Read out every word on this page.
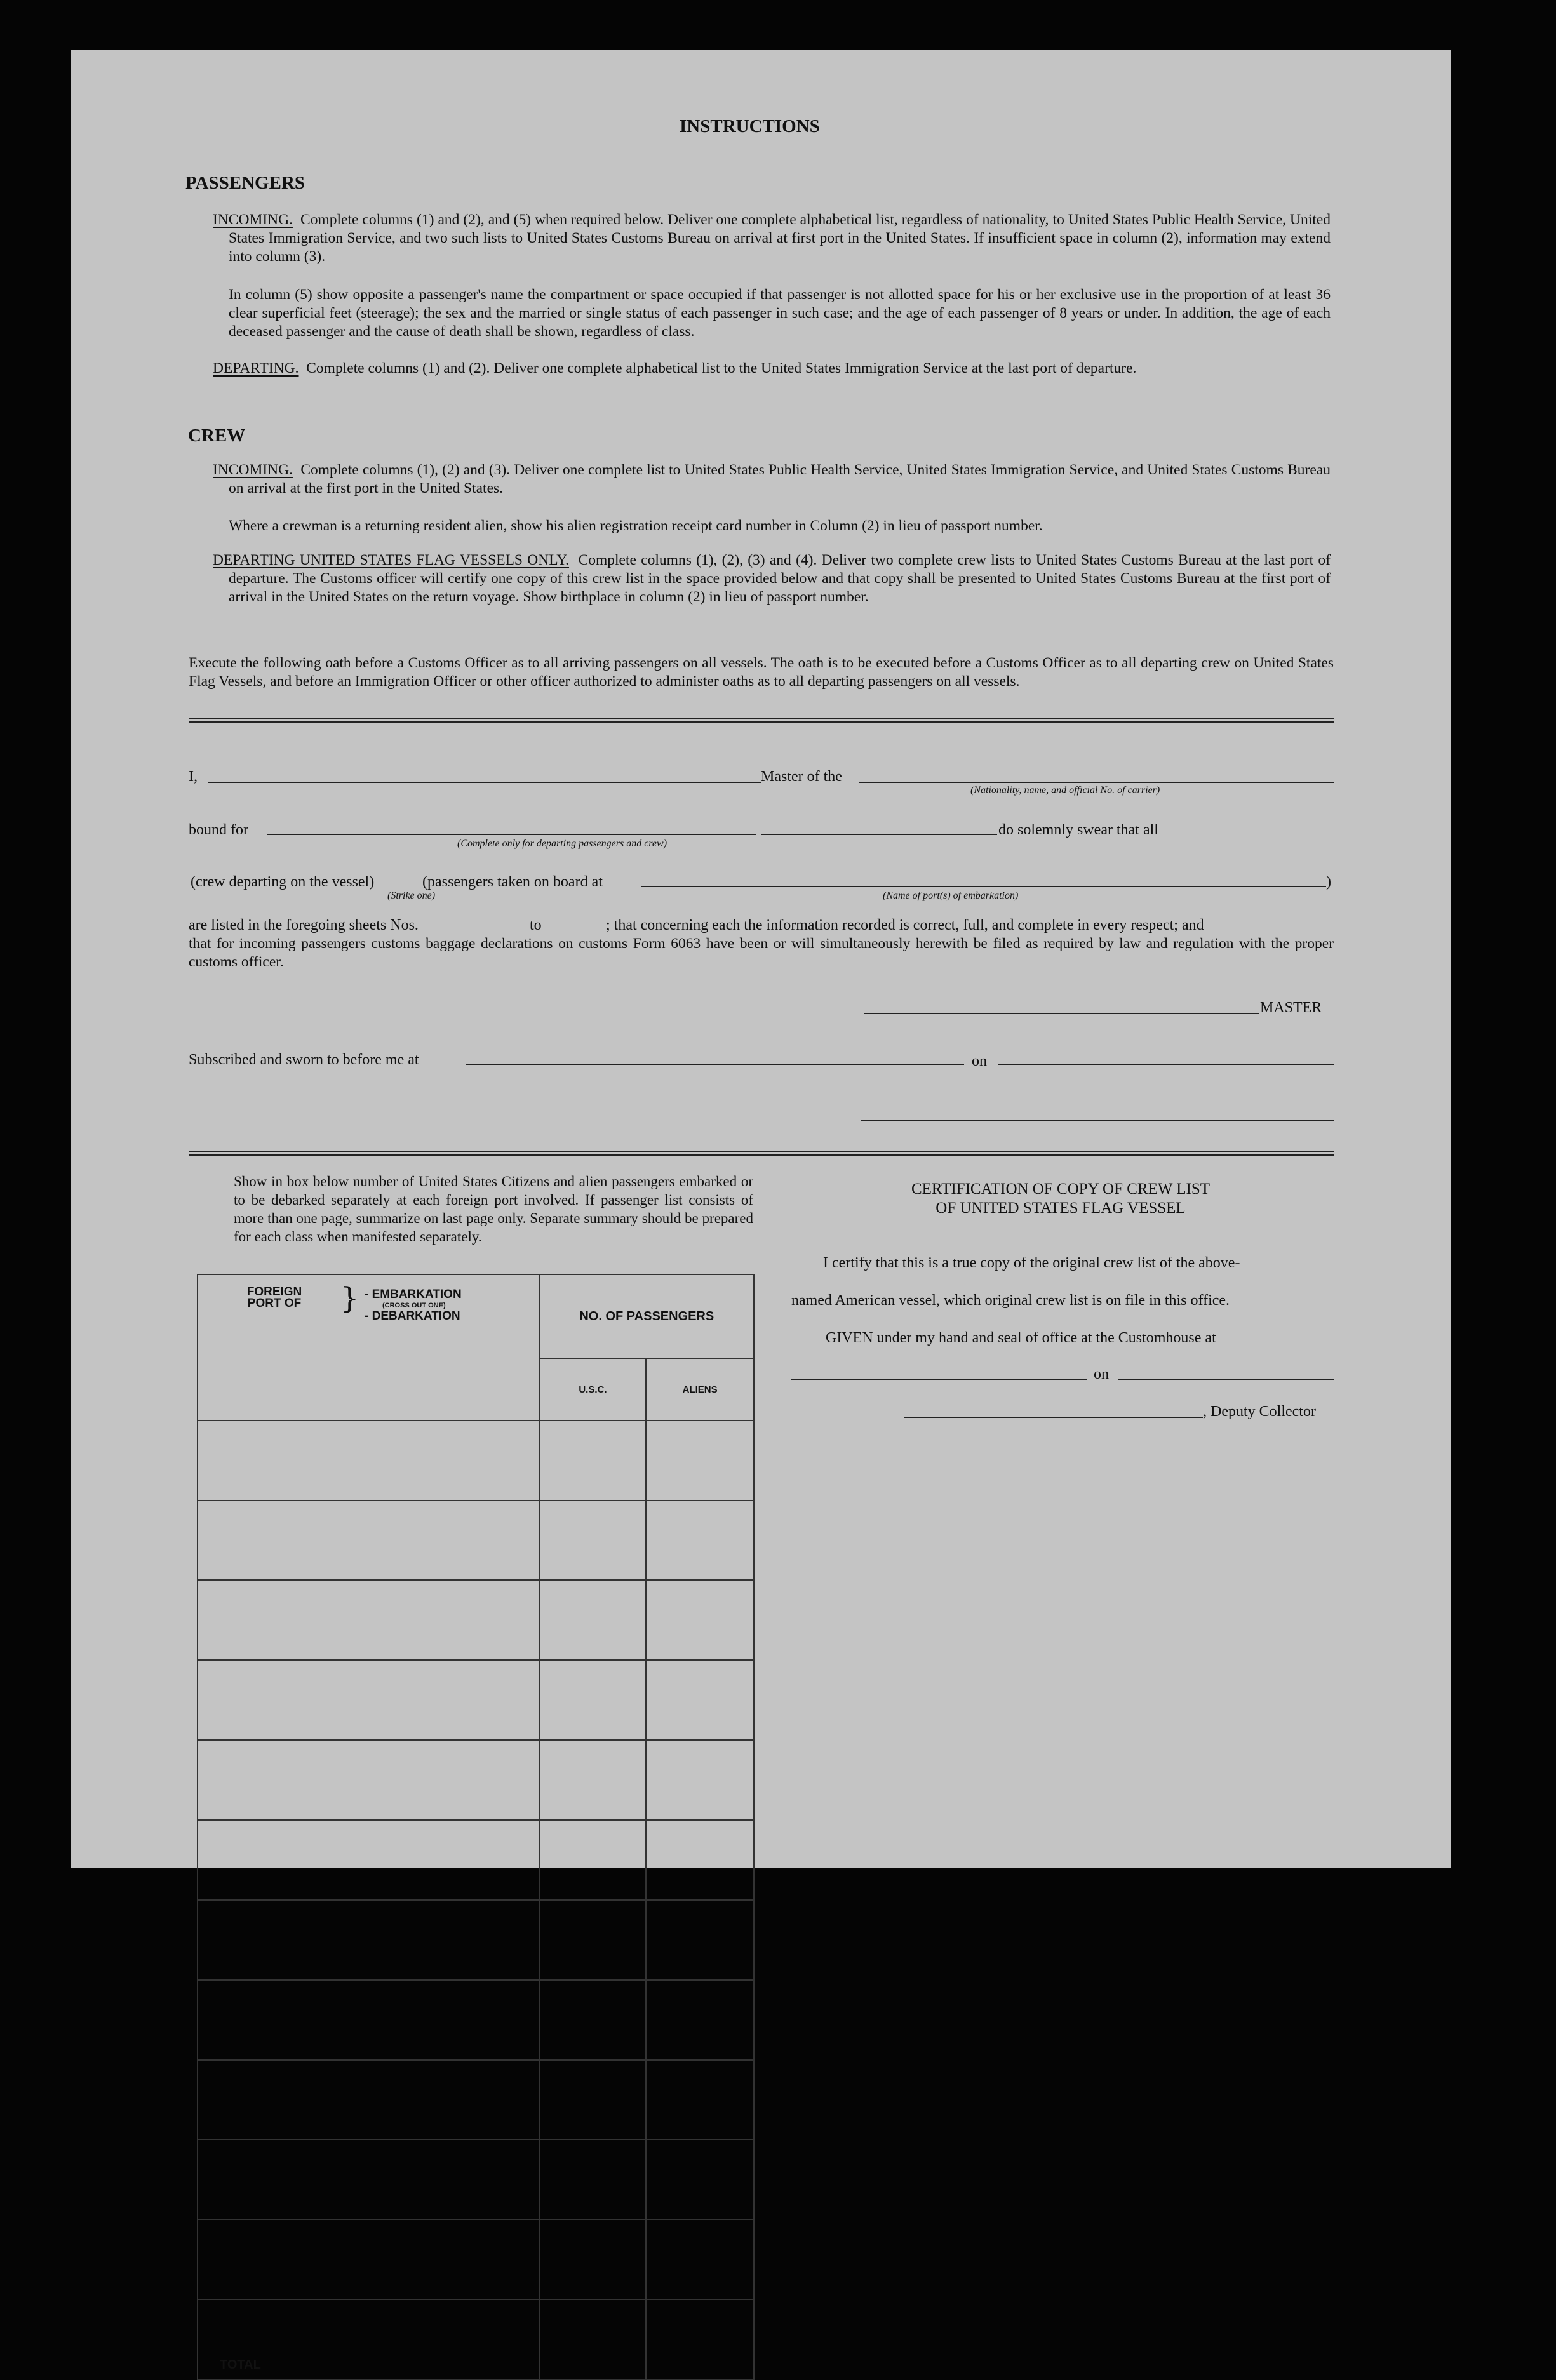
INSTRUCTIONS
PASSENGERS

INCOMING. Complete columns (1) and (2), and (5) when required below. Deliver one complete alphabetical list, regardless of nationality, to United States Public Health Service, United States Immigration Service, and two such lists to United States Customs Bureau on arrival at first port in the United States. If insufficient space in column (2), information may extend into column (3).

In column (5) show opposite a passenger's name the compartment or space occupied if that passenger is not allotted space for his or her exclusive use in the proportion of at least 36 clear superficial feet (steerage); the sex and the married or single status of each passenger in such case; and the age of each passenger of 8 years or under. In addition, the age of each deceased passenger and the cause of death shall be shown, regardless of class.

DEPARTING. Complete columns (1) and (2). Deliver one complete alphabetical list to the United States Immigration Service at the last port of departure.

CREW

INCOMING. Complete columns (1), (2) and (3). Deliver one complete list to United States Public Health Service, United States Immigration Service, and United States Customs Bureau on arrival at the first port in the United States.

Where a crewman is a returning resident alien, show his alien registration receipt card number in Column (2) in lieu of passport number.

DEPARTING UNITED STATES FLAG VESSELS ONLY. Complete columns (1), (2), (3) and (4). Deliver two complete crew lists to United States Customs Bureau at the last port of departure. The Customs officer will certify one copy of this crew list in the space provided below and that copy shall be presented to United States Customs Bureau at the first port of arrival in the United States on the return voyage. Show birthplace in column (2) in lieu of passport number.

Execute the following oath before a Customs Officer as to all arriving passengers on all vessels. The oath is to be executed before a Customs Officer as to all departing crew on United States Flag Vessels, and before an Immigration Officer or other officer authorized to administer oaths as to all departing passengers on all vessels.
I,	Master of the
(Nationality, name, and official No. of carrier)
bound for
(Complete only for departing passengers and crew)
do solemnly swear that all
(crew departing on the vessel)	(passengers taken on board at
(Strike one)	(Name of port(s) of embarkation)
)
are listed in the foregoing sheets Nos.	to	; that concerning each the information recorded is correct, full, and complete in every respect; and
that for incoming passengers customs baggage declarations on customs Form 6063 have been or will simultaneously herewith be filed as required by law and regulation with the proper customs officer.
MASTER
Subscribed and sworn to before me at	on

Show in box below number of United States Citizens and alien passengers embarked or to be debarked separately at each foreign port involved. If passenger list consists of more than one page, summarize on last page only. Separate summary should be prepared for each class when manifested separately.

FOREIGN PORT OF } - EMBARKATION
(CROSS OUT ONE)
- DEBARKATION	NO. OF PASSENGERS	
	U.S.C.	ALIENS

TOTAL		
CERTIFICATION OF COPY OF CREW LIST
OF UNITED STATES FLAG VESSEL
I certify that this is a true copy of the original crew list of the above-
named American vessel, which original crew list is on file in this office.
GIVEN under my hand and seal of office at the Customhouse at
on
, Deputy Collector
